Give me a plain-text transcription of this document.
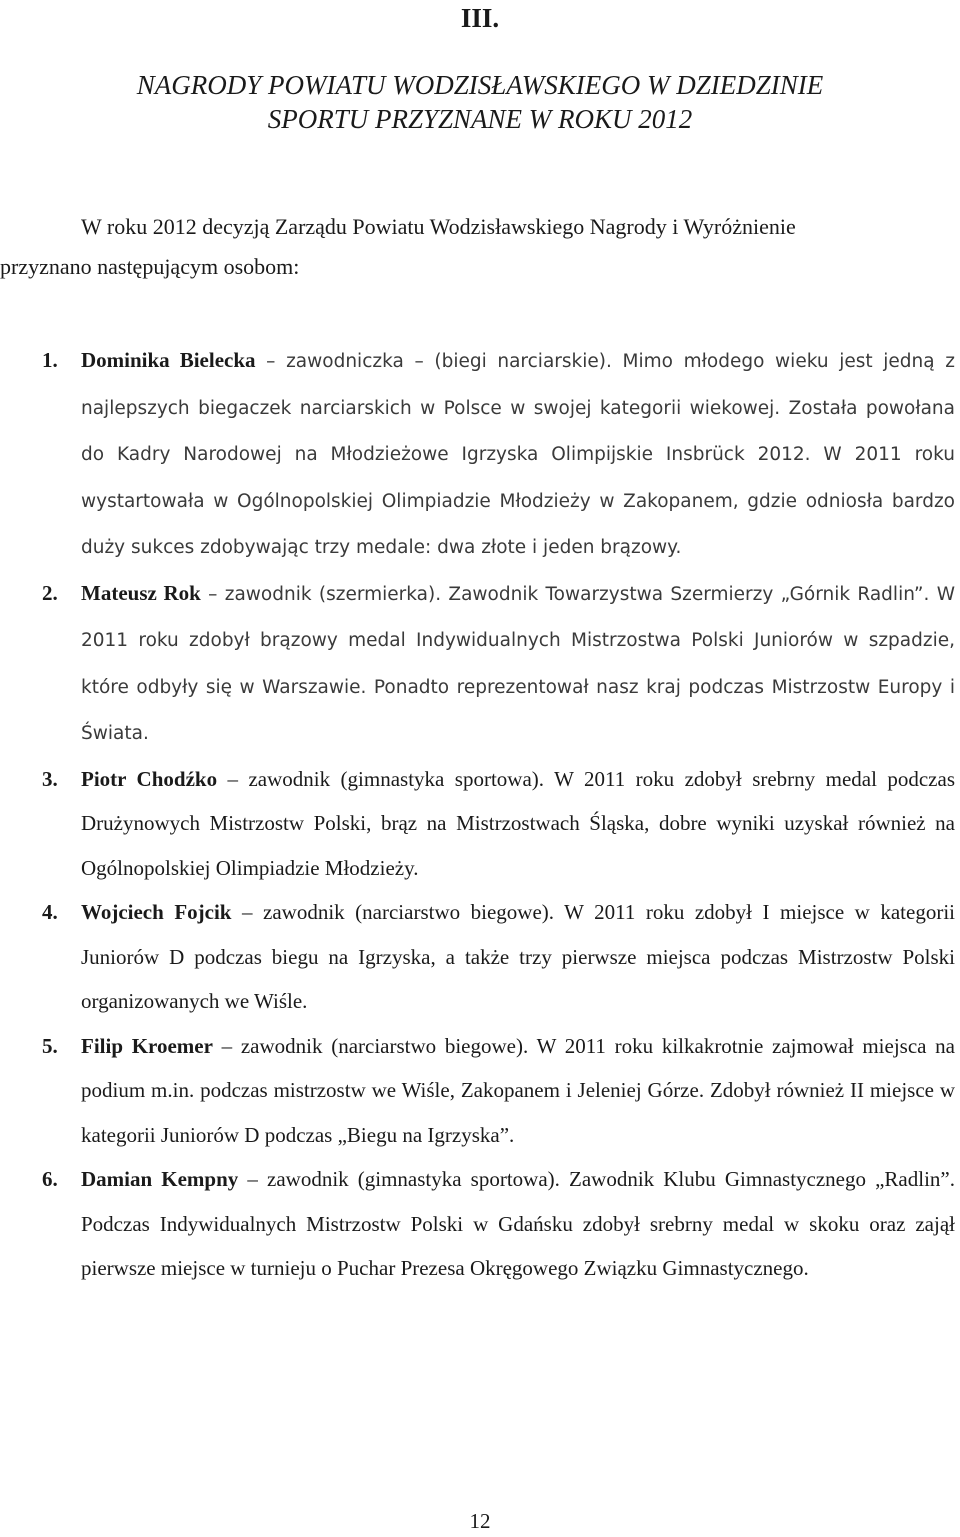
III.
NAGRODY POWIATU WODZISŁAWSKIEGO W DZIEDZINIE
SPORTU PRZYZNANE W ROKU 2012
W roku 2012 decyzją Zarządu Powiatu Wodzisławskiego Nagrody i Wyróżnienie
przyznano następującym osobom:
1. Dominika Bielecka – zawodniczka – (biegi narciarskie). Mimo młodego wieku jest jedną z najlepszych biegaczek narciarskich w Polsce w swojej kategorii wiekowej. Została powołana do Kadry Narodowej na Młodzieżowe Igrzyska Olimpijskie Insbrück 2012. W 2011 roku wystartowała w Ogólnopolskiej Olimpiadzie Młodzieży w Zakopanem, gdzie odniosła bardzo duży sukces zdobywając trzy medale: dwa złote i jeden brązowy.
2. Mateusz Rok – zawodnik (szermierka). Zawodnik Towarzystwa Szermierzy „Górnik Radlin”. W 2011 roku zdobył brązowy medal Indywidualnych Mistrzostwa Polski Juniorów w szpadzie, które odbyły się w Warszawie. Ponadto reprezentował nasz kraj podczas Mistrzostw Europy i Świata.
3. Piotr Chodźko – zawodnik (gimnastyka sportowa). W 2011 roku zdobył srebrny medal podczas Drużynowych Mistrzostw Polski, brąz na Mistrzostwach Śląska, dobre wyniki uzyskał również na Ogólnopolskiej Olimpiadzie Młodzieży.
4. Wojciech Fojcik – zawodnik (narciarstwo biegowe). W 2011 roku zdobył I miejsce w kategorii Juniorów D podczas biegu na Igrzyska, a także trzy pierwsze miejsca podczas Mistrzostw Polski organizowanych we Wiśle.
5. Filip Kroemer – zawodnik (narciarstwo biegowe). W 2011 roku kilkakrotnie zajmował miejsca na podium m.in. podczas mistrzostw we Wiśle, Zakopanem i Jeleniej Górze. Zdobył również II miejsce w kategorii Juniorów D podczas „Biegu na Igrzyska”.
6. Damian Kempny – zawodnik (gimnastyka sportowa). Zawodnik Klubu Gimnastycznego „Radlin”. Podczas Indywidualnych Mistrzostw Polski w Gdańsku zdobył srebrny medal w skoku oraz zajął pierwsze miejsce w turnieju o Puchar Prezesa Okręgowego Związku Gimnastycznego.
12
